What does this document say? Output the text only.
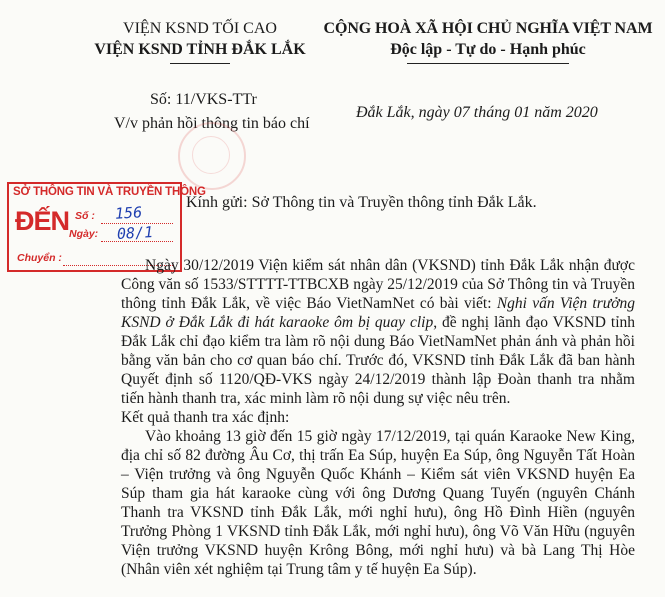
VIỆN KSND TỐI CAO
VIỆN KSND TỈNH ĐẮK LẮK
Số: 11/VKS-TTr
V/v phản hồi thông tin báo chí
CỘNG HOÀ XÃ HỘI CHỦ NGHĨA VIỆT NAM
Độc lập - Tự do - Hạnh phúc
Đắk Lắk, ngày 07 tháng 01 năm 2020
SỞ THÔNG TIN VÀ TRUYỀN THÔNG
ĐẾN Số :
Ngày:
Chuyển :
156
08/1
Kính gửi: Sở Thông tin và Truyền thông tỉnh Đắk Lắk.

Ngày 30/12/2019 Viện kiểm sát nhân dân (VKSND) tỉnh Đắk Lắk nhận được Công văn số 1533/STTTT-TTBCXB ngày 25/12/2019 của Sở Thông tin và Truyền thông tỉnh Đắk Lắk, về việc Báo VietNamNet có bài viết: Nghi vấn Viện trưởng KSND ở Đắk Lắk đi hát karaoke ôm bị quay clip, đề nghị lãnh đạo VKSND tỉnh Đắk Lắk chỉ đạo kiểm tra làm rõ nội dung Báo VietNamNet phản ánh và phản hồi bằng văn bản cho cơ quan báo chí. Trước đó, VKSND tỉnh Đắk Lắk đã ban hành Quyết định số 1120/QĐ-VKS ngày 24/12/2019 thành lập Đoàn thanh tra nhằm tiến hành thanh tra, xác minh làm rõ nội dung sự việc nêu trên.

Kết quả thanh tra xác định:

Vào khoảng 13 giờ đến 15 giờ ngày 17/12/2019, tại quán Karaoke New King, địa chỉ số 82 đường Âu Cơ, thị trấn Ea Súp, huyện Ea Súp, ông Nguyễn Tất Hoàn – Viện trưởng và ông Nguyễn Quốc Khánh – Kiểm sát viên VKSND huyện Ea Súp tham gia hát karaoke cùng với ông Dương Quang Tuyến (nguyên Chánh Thanh tra VKSND tỉnh Đắk Lắk, mới nghỉ hưu), ông Hồ Đình Hiền (nguyên Trưởng Phòng 1 VKSND tỉnh Đắk Lắk, mới nghỉ hưu), ông Võ Văn Hữu (nguyên Viện trưởng VKSND huyện Krông Bông, mới nghỉ hưu) và bà Lang Thị Hòe (Nhân viên xét nghiệm tại Trung tâm y tế huyện Ea Súp).
